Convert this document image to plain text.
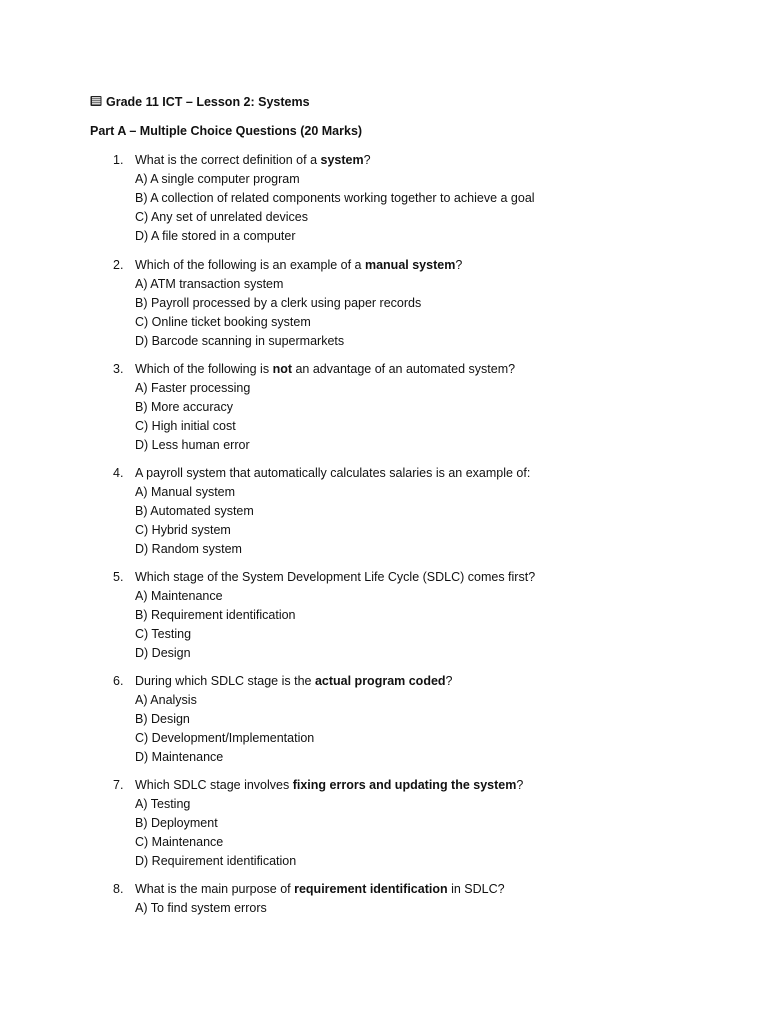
Grade 11 ICT – Lesson 2: Systems
Part A – Multiple Choice Questions (20 Marks)
1. What is the correct definition of a system?
A) A single computer program
B) A collection of related components working together to achieve a goal
C) Any set of unrelated devices
D) A file stored in a computer
2. Which of the following is an example of a manual system?
A) ATM transaction system
B) Payroll processed by a clerk using paper records
C) Online ticket booking system
D) Barcode scanning in supermarkets
3. Which of the following is not an advantage of an automated system?
A) Faster processing
B) More accuracy
C) High initial cost
D) Less human error
4. A payroll system that automatically calculates salaries is an example of:
A) Manual system
B) Automated system
C) Hybrid system
D) Random system
5. Which stage of the System Development Life Cycle (SDLC) comes first?
A) Maintenance
B) Requirement identification
C) Testing
D) Design
6. During which SDLC stage is the actual program coded?
A) Analysis
B) Design
C) Development/Implementation
D) Maintenance
7. Which SDLC stage involves fixing errors and updating the system?
A) Testing
B) Deployment
C) Maintenance
D) Requirement identification
8. What is the main purpose of requirement identification in SDLC?
A) To find system errors
